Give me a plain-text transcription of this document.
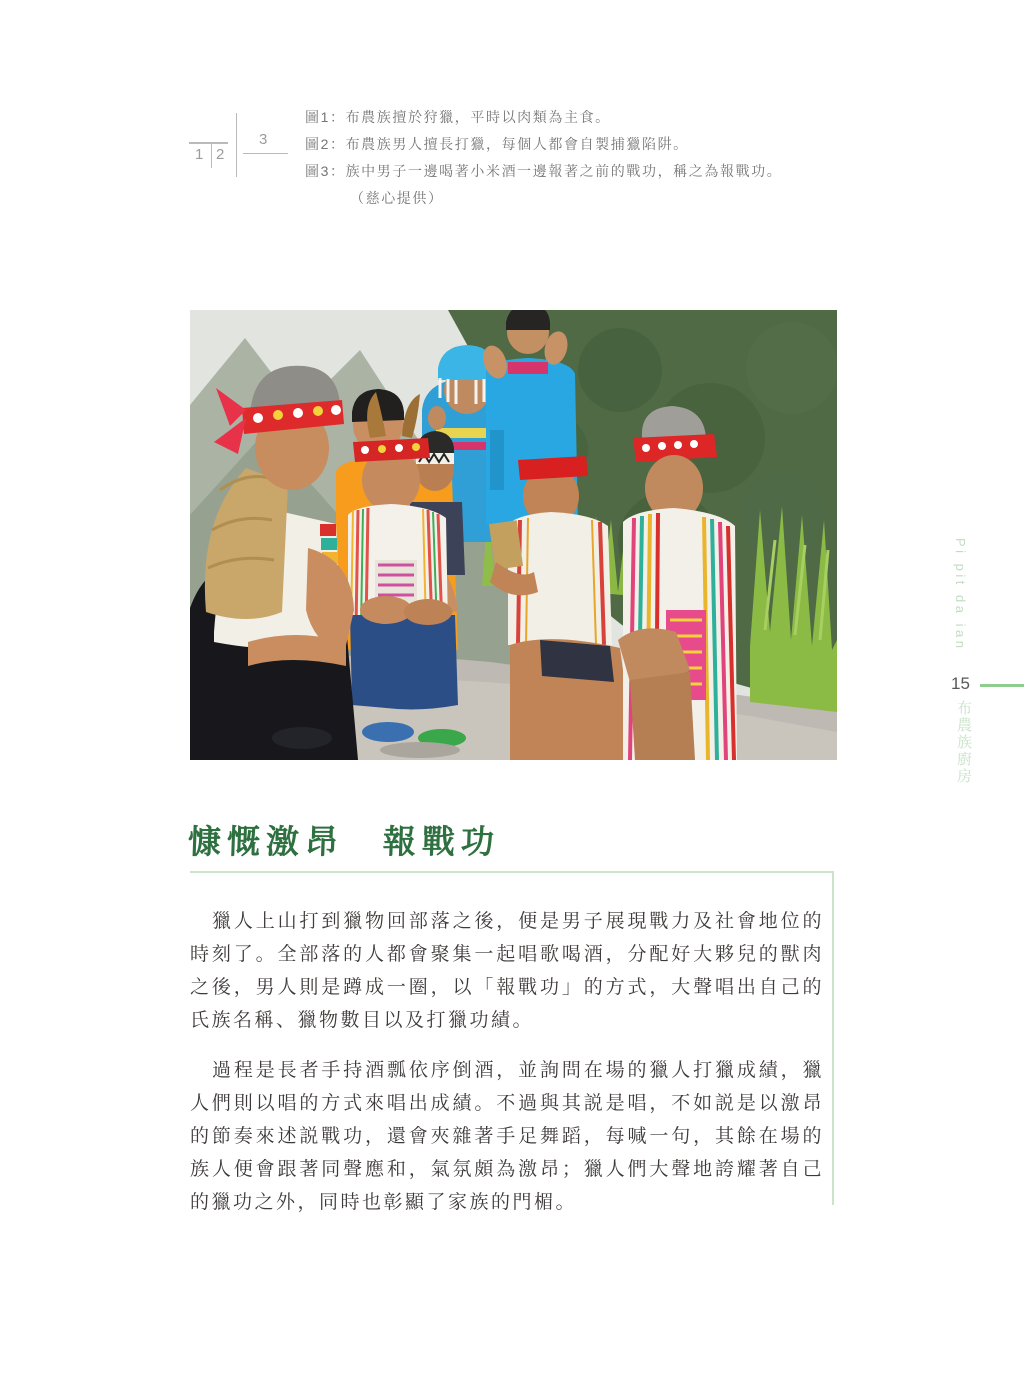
1 2
3
圖1：布農族擅於狩獵，平時以肉類為主食。
圖2：布農族男人擅長打獵，每個人都會自製捕獵陷阱。
圖3：族中男子一邊喝著小米酒一邊報著之前的戰功，稱之為報戰功。
（慈心提供）
慷慨激昂　報戰功

獵人上山打到獵物回部落之後，便是男子展現戰力及社會地位的時刻了。全部落的人都會聚集一起唱歌喝酒，分配好大夥兒的獸肉之後，男人則是蹲成一圈，以「報戰功」的方式，大聲唱出自己的氏族名稱、獵物數目以及打獵功績。

過程是長者手持酒瓢依序倒酒，並詢問在場的獵人打獵成績，獵人們則以唱的方式來唱出成績。不過與其説是唱，不如説是以激昂的節奏來述説戰功，還會夾雜著手足舞蹈，每喊一句，其餘在場的族人便會跟著同聲應和，氣氛頗為激昂；獵人們大聲地誇耀著自己的獵功之外，同時也彰顯了家族的門楣。

Pi pit da ian
15
布農族廚房
